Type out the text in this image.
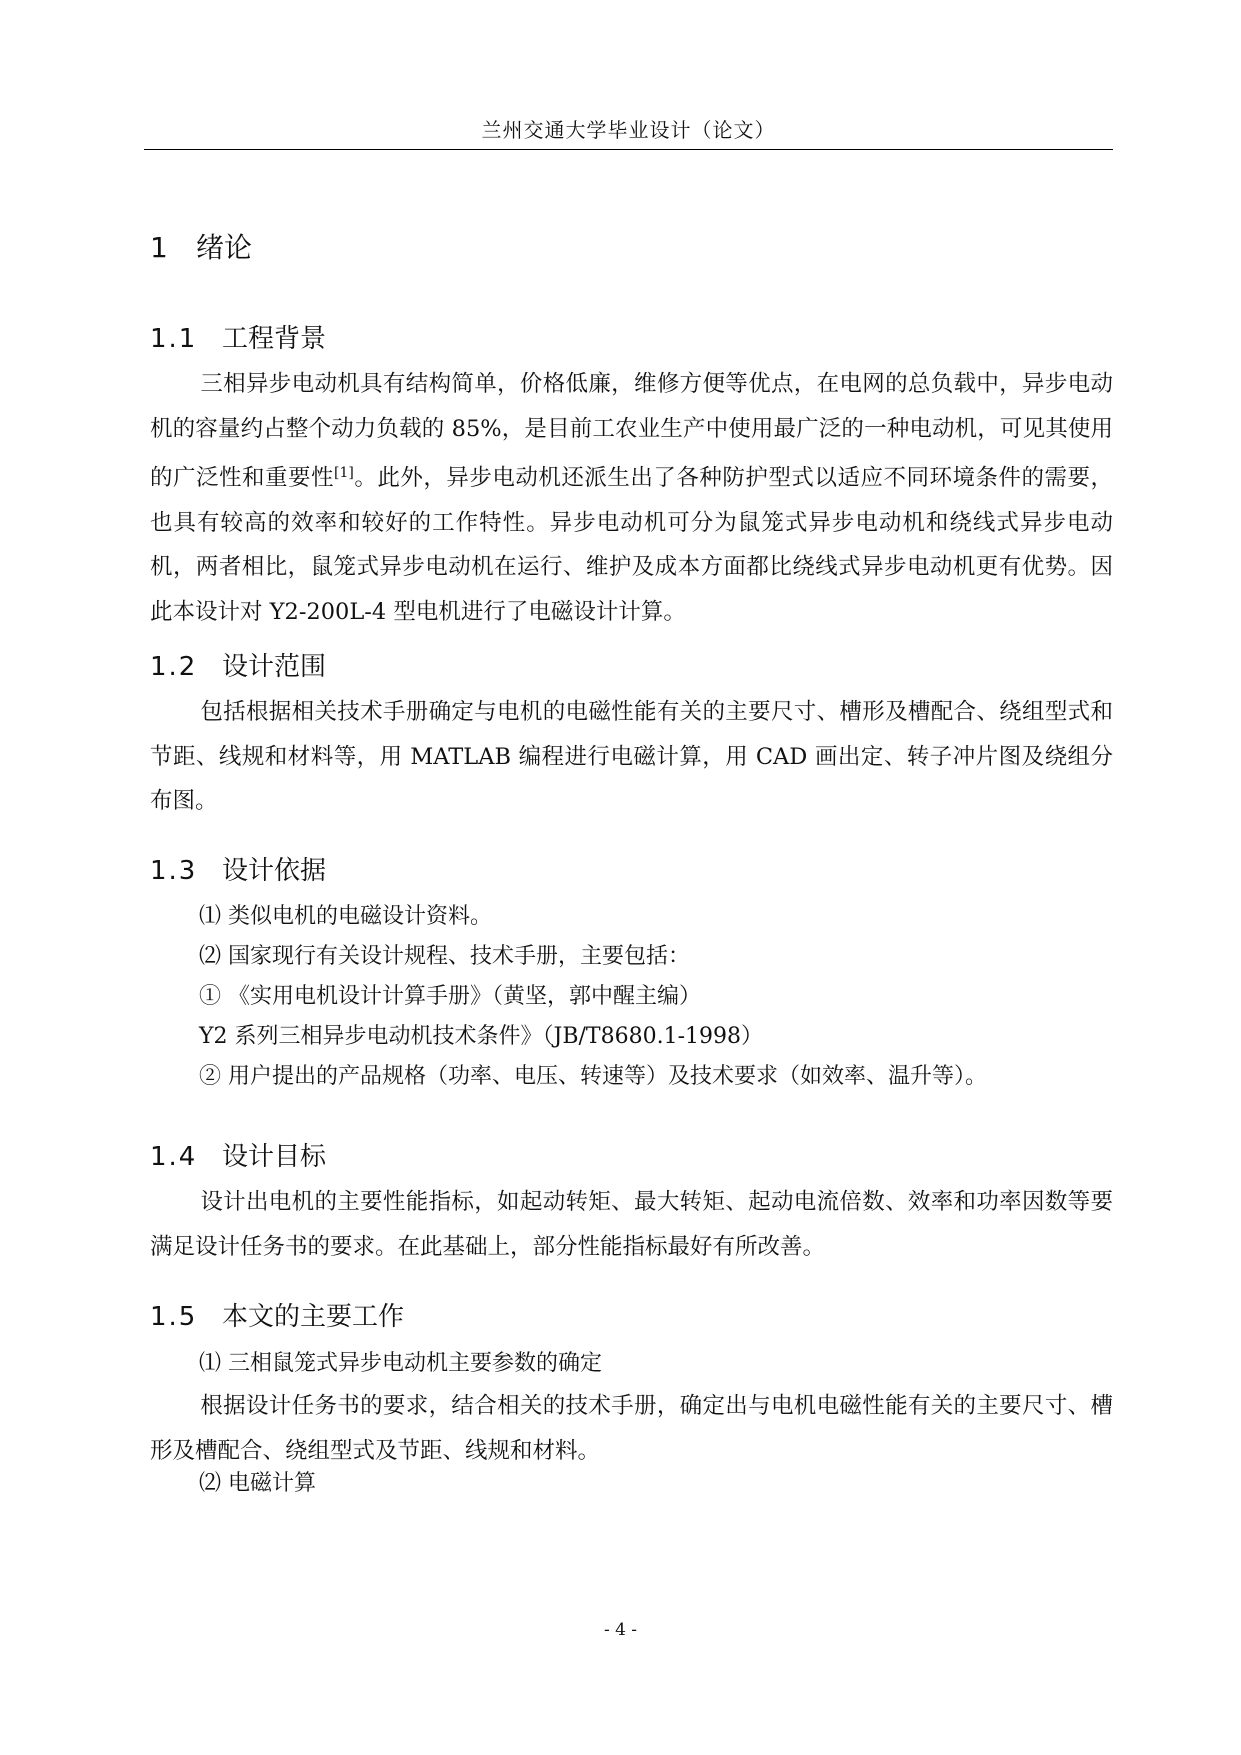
兰州交通大学毕业设计（论文）
1 绪论
1.1 工程背景
三相异步电动机具有结构简单，价格低廉，维修方便等优点，在电网的总负载中，异步电动机的容量约占整个动力负载的 85%，是目前工农业生产中使用最广泛的一种电动机，可见其使用的广泛性和重要性[1]。此外，异步电动机还派生出了各种防护型式以适应不同环境条件的需要，也具有较高的效率和较好的工作特性。异步电动机可分为鼠笼式异步电动机和绕线式异步电动机，两者相比，鼠笼式异步电动机在运行、维护及成本方面都比绕线式异步电动机更有优势。因此本设计对 Y2-200L-4 型电机进行了电磁设计计算。
1.2 设计范围
包括根据相关技术手册确定与电机的电磁性能有关的主要尺寸、槽形及槽配合、绕组型式和节距、线规和材料等，用 MATLAB 编程进行电磁计算，用 CAD 画出定、转子冲片图及绕组分布图。
1.3 设计依据
⑴ 类似电机的电磁设计资料。
⑵ 国家现行有关设计规程、技术手册，主要包括：
① 《实用电机设计计算手册》（黄坚，郭中醒主编）
Y2 系列三相异步电动机技术条件》（JB/T8680.1-1998）
② 用户提出的产品规格（功率、电压、转速等）及技术要求（如效率、温升等）。
1.4 设计目标
设计出电机的主要性能指标，如起动转矩、最大转矩、起动电流倍数、效率和功率因数等要满足设计任务书的要求。在此基础上，部分性能指标最好有所改善。
1.5 本文的主要工作
⑴ 三相鼠笼式异步电动机主要参数的确定
根据设计任务书的要求，结合相关的技术手册，确定出与电机电磁性能有关的主要尺寸、槽形及槽配合、绕组型式及节距、线规和材料。
⑵ 电磁计算
- 4 -
